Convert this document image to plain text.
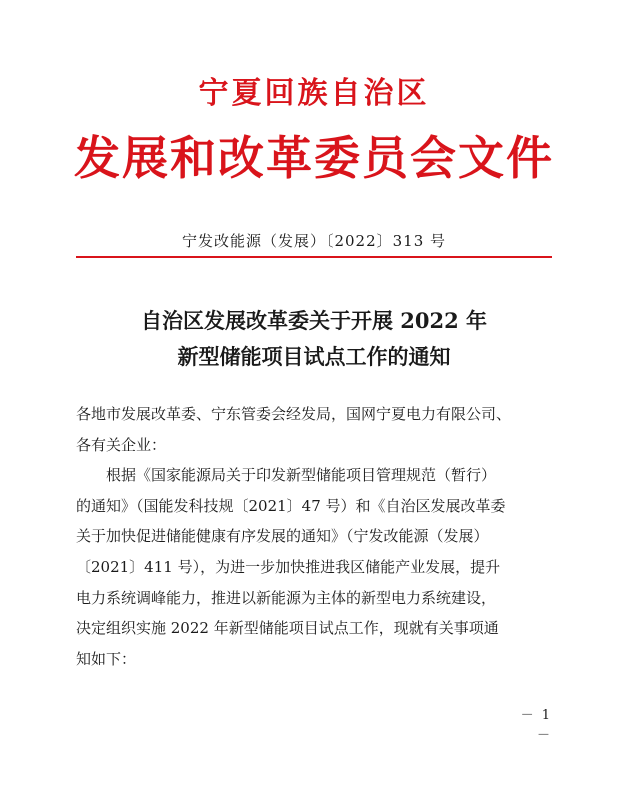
宁夏回族自治区
发展和改革委员会文件
宁发改能源（发展）〔2022〕313 号
自治区发展改革委关于开展 2022 年
新型储能项目试点工作的通知

各地市发展改革委、宁东管委会经发局，国网宁夏电力有限公司、
各有关企业：

根据《国家能源局关于印发新型储能项目管理规范（暂行）
的通知》（国能发科技规〔2021〕47 号）和《自治区发展改革委
关于加快促进储能健康有序发展的通知》（宁发改能源（发展）
〔2021〕411 号），为进一步加快推进我区储能产业发展，提升
电力系统调峰能力，推进以新能源为主体的新型电力系统建设，
决定组织实施 2022 年新型储能项目试点工作，现就有关事项通
知如下：

－ 1 －
